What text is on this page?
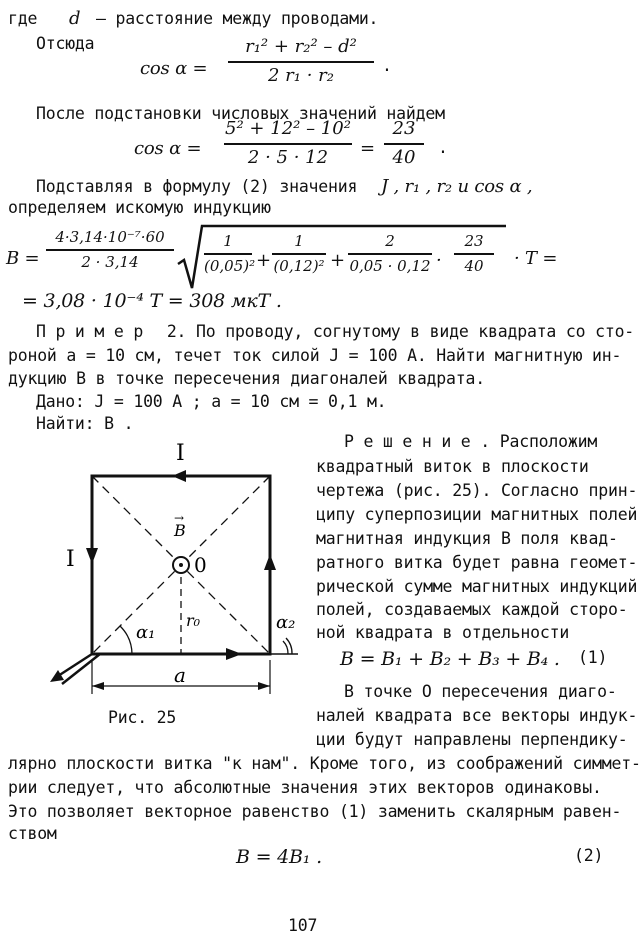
где d – расстояние между проводами.
Отсюда
cos α =
r₁² + r₂² – d²
2 r₁ · r₂	.
После подстановки числовых значений найдем
cos α =
5² + 12² – 10²
2 · 5 · 12	=
23
40	.
Подставляя в формулу (2) значения J , r₁ , r₂ и cos α ,
определяем искомую индукцию
B =
4·3,14·10⁻⁷·60
2 · 3,14
1
(0,05)² +
1
(0,12)² +
2
0,05 · 0,12 ·
23
40	· T =
= 3,08 · 10⁻⁴ T = 308 мкТ .
П р и м е р 2. По проводу, согнутому в виде квадрата со сто-
роной a = 10 см, течет ток силой J = 100 А. Найти магнитную ин-
дукцию B в точке пересечения диагоналей квадрата.
Дано: J = 100 А ; a = 10 см = 0,1 м.
Найти: B .
I
I
B
→
0
r₀
α₁	α₂
a
Рис. 25
Р е ш е н и е . Расположим
квадратный виток в плоскости
чертежа (рис. 25). Согласно прин-
ципу суперпозиции магнитных полей
магнитная индукция B поля квад-
ратного витка будет равна геомет-
рической сумме магнитных индукций
полей, создаваемых каждой сторо-
ной квадрата в отдельности
B = B₁ + B₂ + B₃ + B₄ . (1)
В точке O пересечения диаго-
налей квадрата все векторы индук-
ции будут направлены перпендику-
лярно плоскости витка "к нам". Кроме того, из соображений симмет-
рии следует, что абсолютные значения этих векторов одинаковы.
Это позволяет векторное равенство (1) заменить скалярным равен-
ством
B = 4B₁ .	(2)
107
